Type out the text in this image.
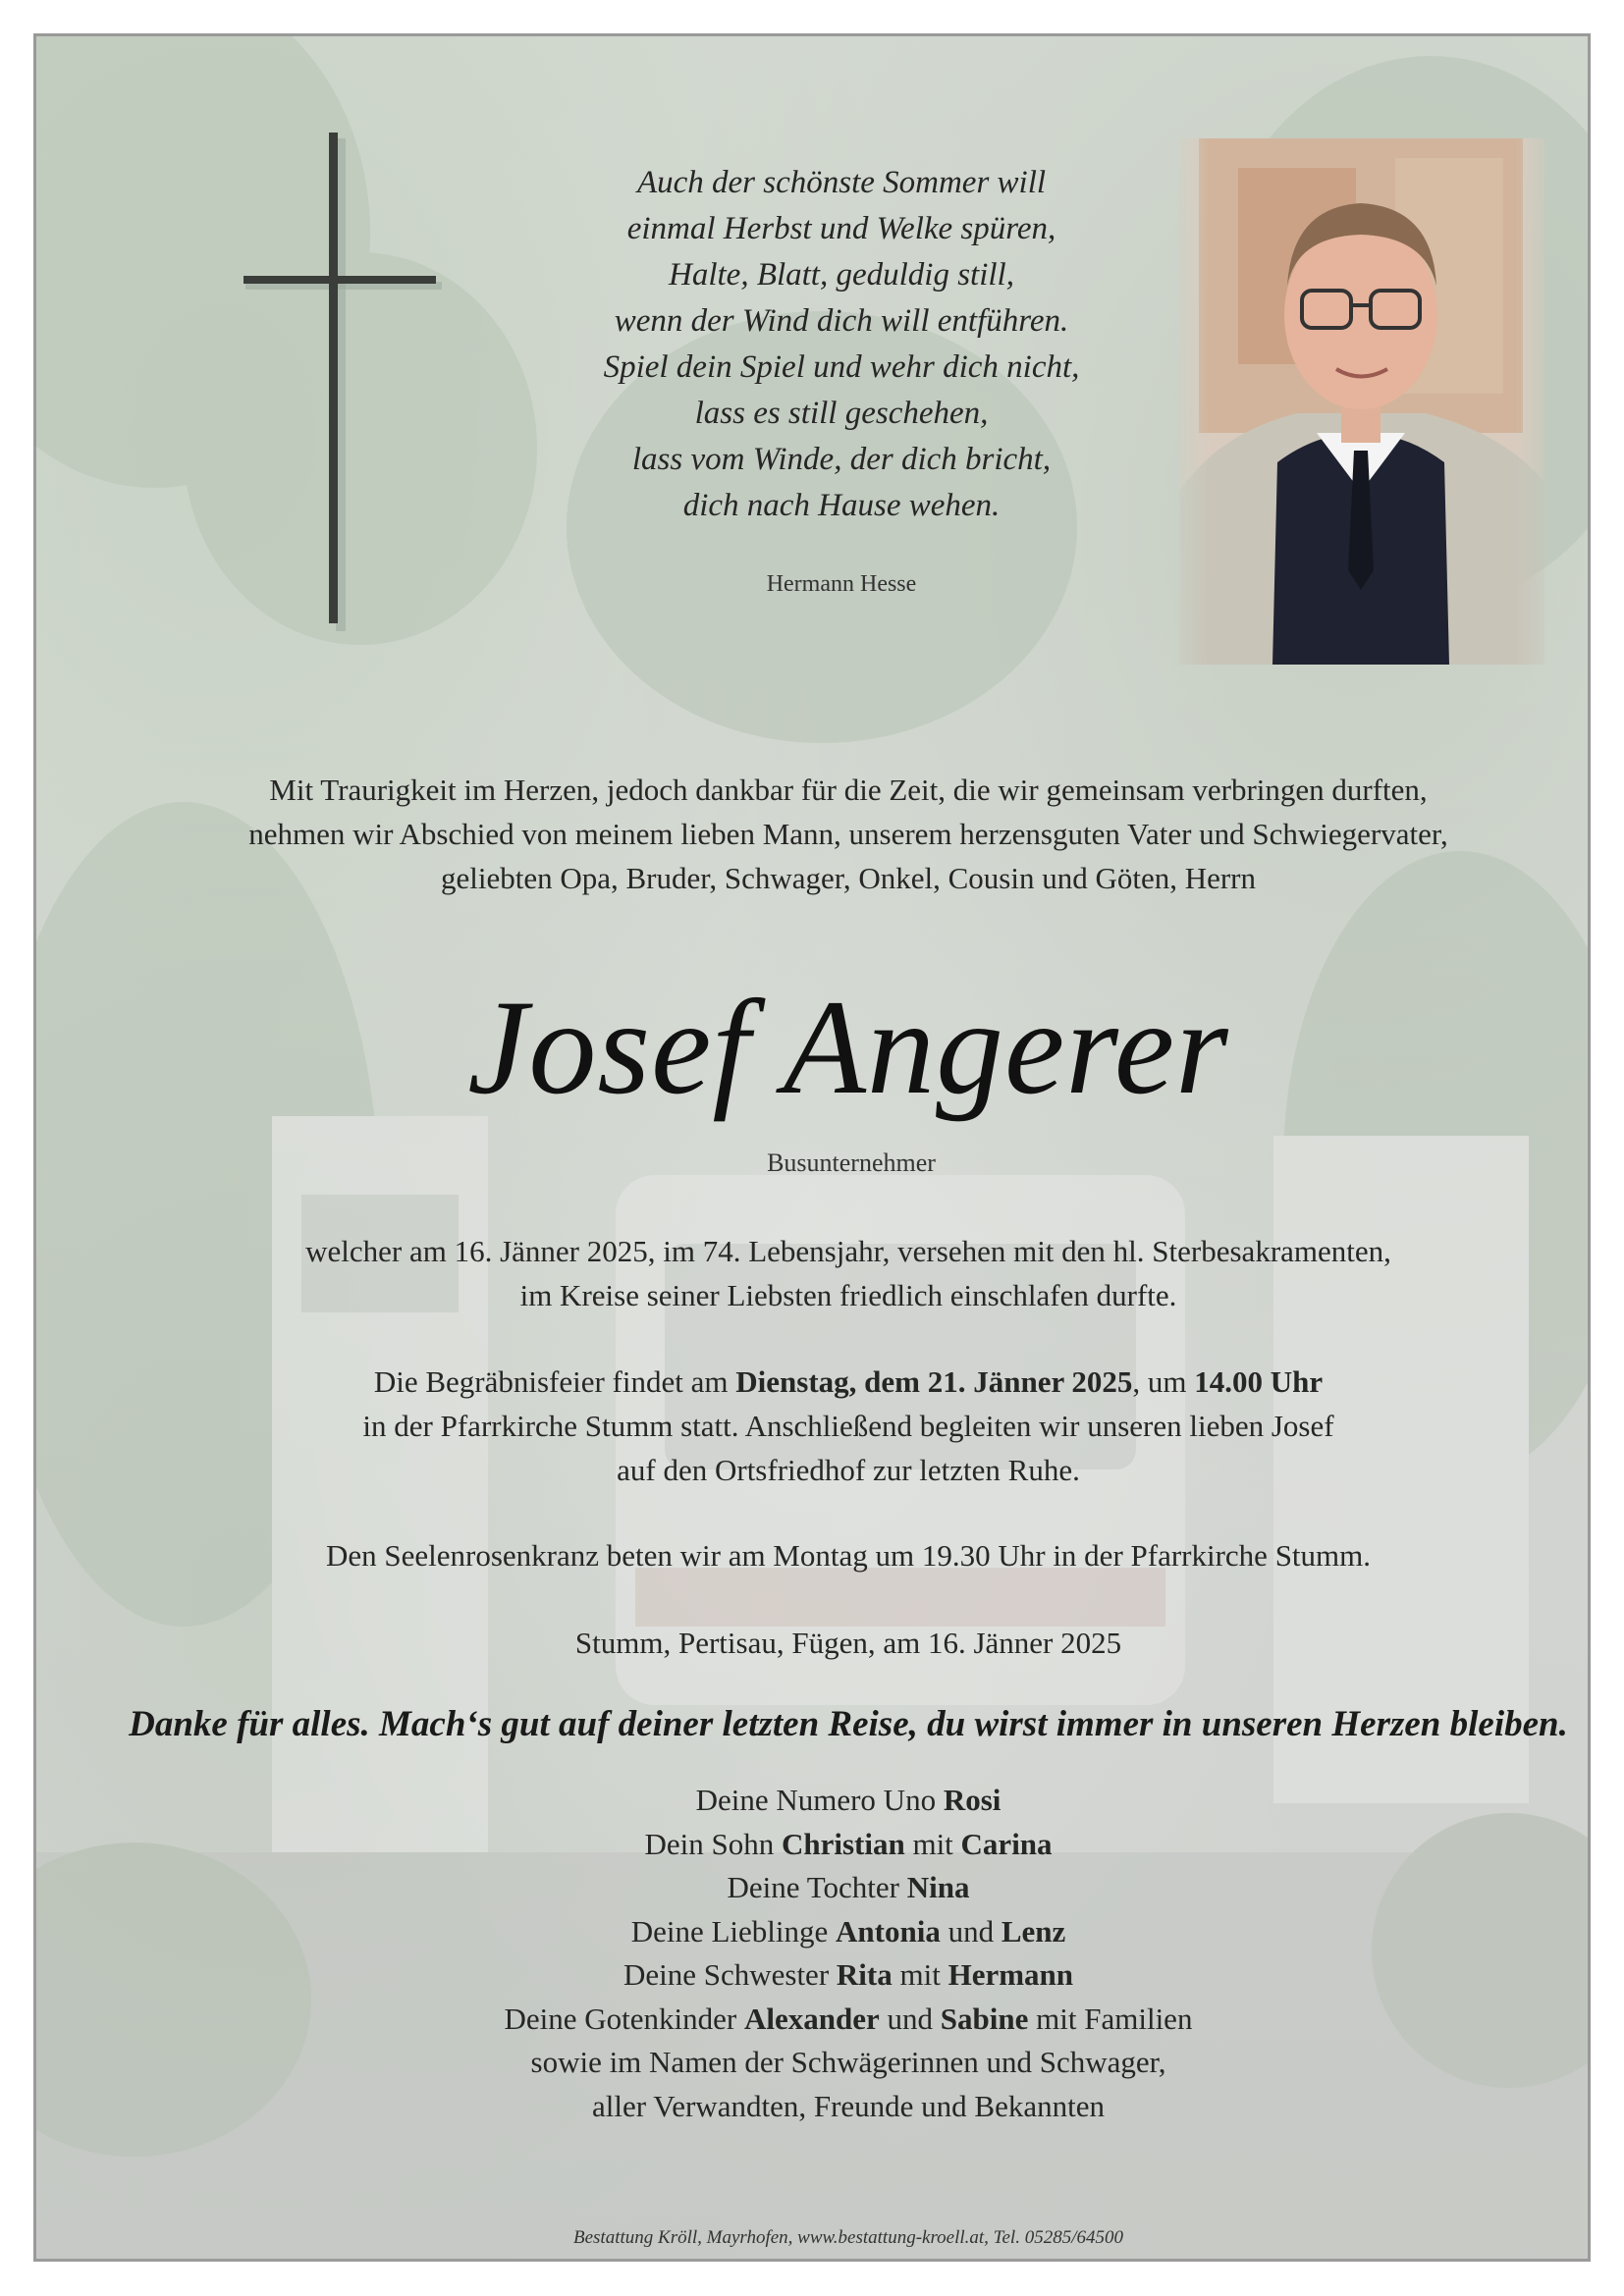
Auch der schönste Sommer will
einmal Herbst und Welke spüren,
Halte, Blatt, geduldig still,
wenn der Wind dich will entführen.
Spiel dein Spiel und wehr dich nicht,
lass es still geschehen,
lass vom Winde, der dich bricht,
dich nach Hause wehen.
Hermann Hesse
Mit Traurigkeit im Herzen, jedoch dankbar für die Zeit, die wir gemeinsam verbringen durften,
nehmen wir Abschied von meinem lieben Mann, unserem herzensguten Vater und Schwiegervater,
geliebten Opa, Bruder, Schwager, Onkel, Cousin und Göten, Herrn
Josef Angerer
Busunternehmer
welcher am 16. Jänner 2025, im 74. Lebensjahr, versehen mit den hl. Sterbesakramenten,
im Kreise seiner Liebsten friedlich einschlafen durfte.
Die Begräbnisfeier findet am Dienstag, dem 21. Jänner 2025, um 14.00 Uhr
in der Pfarrkirche Stumm statt. Anschließend begleiten wir unseren lieben Josef
auf den Ortsfriedhof zur letzten Ruhe.
Den Seelenrosenkranz beten wir am Montag um 19.30 Uhr in der Pfarrkirche Stumm.
Stumm, Pertisau, Fügen, am 16. Jänner 2025
Danke für alles. Mach‘s gut auf deiner letzten Reise, du wirst immer in unseren Herzen bleiben.
Deine Numero Uno Rosi
Dein Sohn Christian mit Carina
Deine Tochter Nina
Deine Lieblinge Antonia und Lenz
Deine Schwester Rita mit Hermann
Deine Gotenkinder Alexander und Sabine mit Familien
sowie im Namen der Schwägerinnen und Schwager,
aller Verwandten, Freunde und Bekannten
Bestattung Kröll, Mayrhofen, www.bestattung-kroell.at, Tel. 05285/64500
